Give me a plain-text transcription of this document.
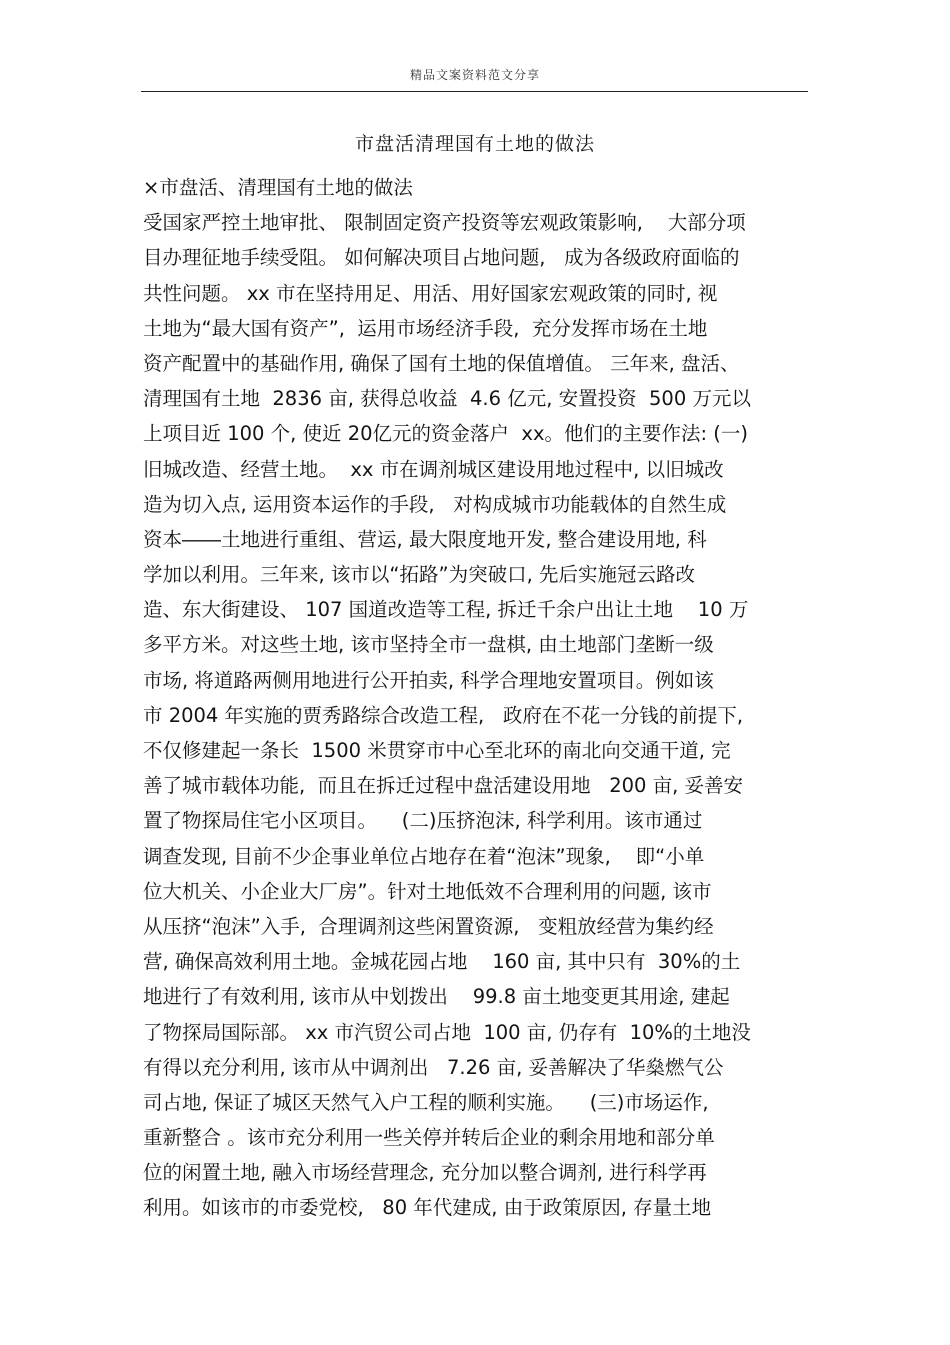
精品文案资料范文分享
市盘活清理国有土地的做法
×市盘活、清理国有土地的做法
受国家严控土地审批、 限制固定资产投资等宏观政策影响,    大部分项
目办理征地手续受阻。 如何解决项目占地问题,   成为各级政府面临的
共性问题。 xx 市在坚持用足、用活、用好国家宏观政策的同时, 视
土地为“最大国有资产”,  运用市场经济手段,  充分发挥市场在土地
资产配置中的基础作用, 确保了国有土地的保值增值。 三年来, 盘活、
清理国有土地  2836 亩, 获得总收益  4.6 亿元, 安置投资  500 万元以
上项目近 100 个, 使近 20亿元的资金落户  xx。他们的主要作法: (一)
旧城改造、经营土地。  xx 市在调剂城区建设用地过程中, 以旧城改
造为切入点, 运用资本运作的手段,   对构成城市功能载体的自然生成
资本――土地进行重组、营运, 最大限度地开发, 整合建设用地, 科
学加以利用。三年来, 该市以“拓路”为突破口, 先后实施冠云路改
造、东大街建设、 107 国道改造等工程, 拆迁千余户出让土地    10 万
多平方米。对这些土地, 该市坚持全市一盘棋, 由土地部门垄断一级
市场, 将道路两侧用地进行公开拍卖, 科学合理地安置项目。例如该
市 2004 年实施的贾秀路综合改造工程,   政府在不花一分钱的前提下,
不仅修建起一条长  1500 米贯穿市中心至北环的南北向交通干道, 完
善了城市载体功能,  而且在拆迁过程中盘活建设用地   200 亩, 妥善安
置了物探局住宅小区项目。    (二)压挤泡沫, 科学利用。该市通过
调查发现, 目前不少企事业单位占地存在着“泡沫”现象,    即“小单
位大机关、小企业大厂房”。针对土地低效不合理利用的问题, 该市
从压挤“泡沫”入手,  合理调剂这些闲置资源,   变粗放经营为集约经
营, 确保高效利用土地。金城花园占地    160 亩, 其中只有  30%的土
地进行了有效利用, 该市从中划拨出    99.8 亩土地变更其用途, 建起
了物探局国际部。 xx 市汽贸公司占地  100 亩, 仍存有  10%的土地没
有得以充分利用, 该市从中调剂出   7.26 亩, 妥善解决了华燊燃气公
司占地, 保证了城区天然气入户工程的顺利实施。    (三)市场运作,
重新整合 。该市充分利用一些关停并转后企业的剩余用地和部分单
位的闲置土地, 融入市场经营理念, 充分加以整合调剂, 进行科学再
利用。如该市的市委党校,   80 年代建成, 由于政策原因, 存量土地
